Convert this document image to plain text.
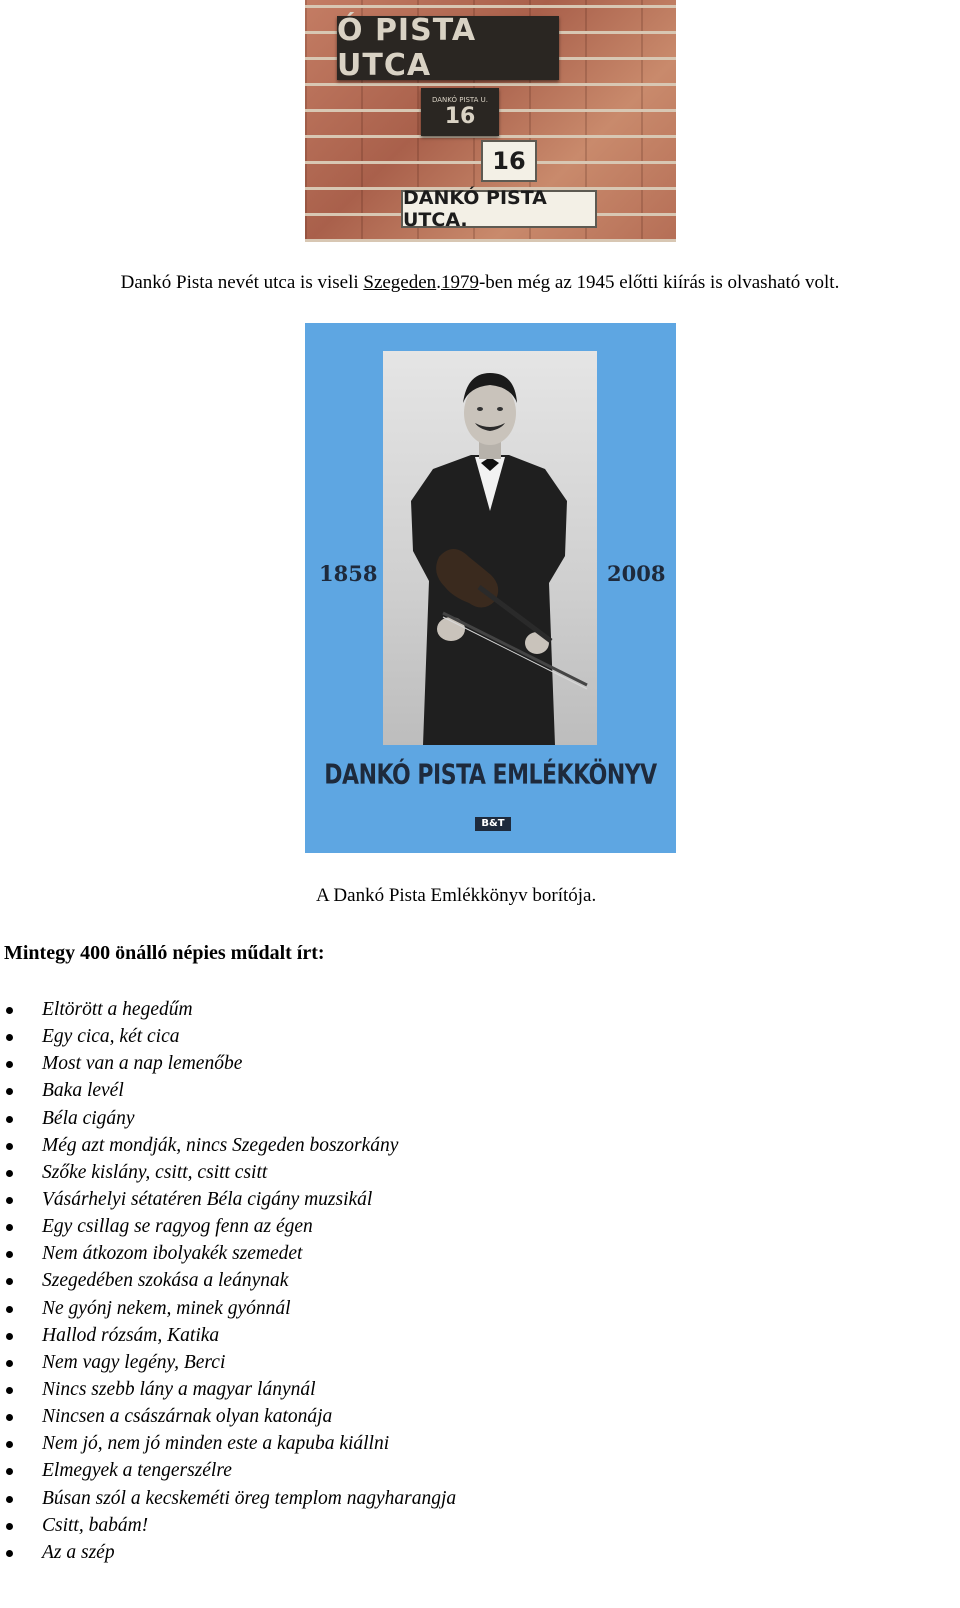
Ó PISTA UTCA
DANKÓ PISTA U.
16
16
DANKÓ PISTA UTCA.
Dankó Pista nevét utca is viseli Szegeden.1979-ben még az 1945 előtti kiírás is olvasható volt.
1858	2008
DANKÓ PISTA EMLÉKKÖNYV
B&T
A Dankó Pista Emlékkönyv borítója.
Mintegy 400 önálló népies műdalt írt:
Eltörött a hegedűm
Egy cica, két cica
Most van a nap lemenőbe
Baka levél
Béla cigány
Még azt mondják, nincs Szegeden boszorkány
Szőke kislány, csitt, csitt csitt
Vásárhelyi sétatéren Béla cigány muzsikál
Egy csillag se ragyog fenn az égen
Nem átkozom ibolyakék szemedet
Szegedében szokása a leánynak
Ne gyónj nekem, minek gyónnál
Hallod rózsám, Katika
Nem vagy legény, Berci
Nincs szebb lány a magyar lánynál
Nincsen a császárnak olyan katonája
Nem jó, nem jó minden este a kapuba kiállni
Elmegyek a tengerszélre
Búsan szól a kecskeméti öreg templom nagyharangja
Csitt, babám!
Az a szép
